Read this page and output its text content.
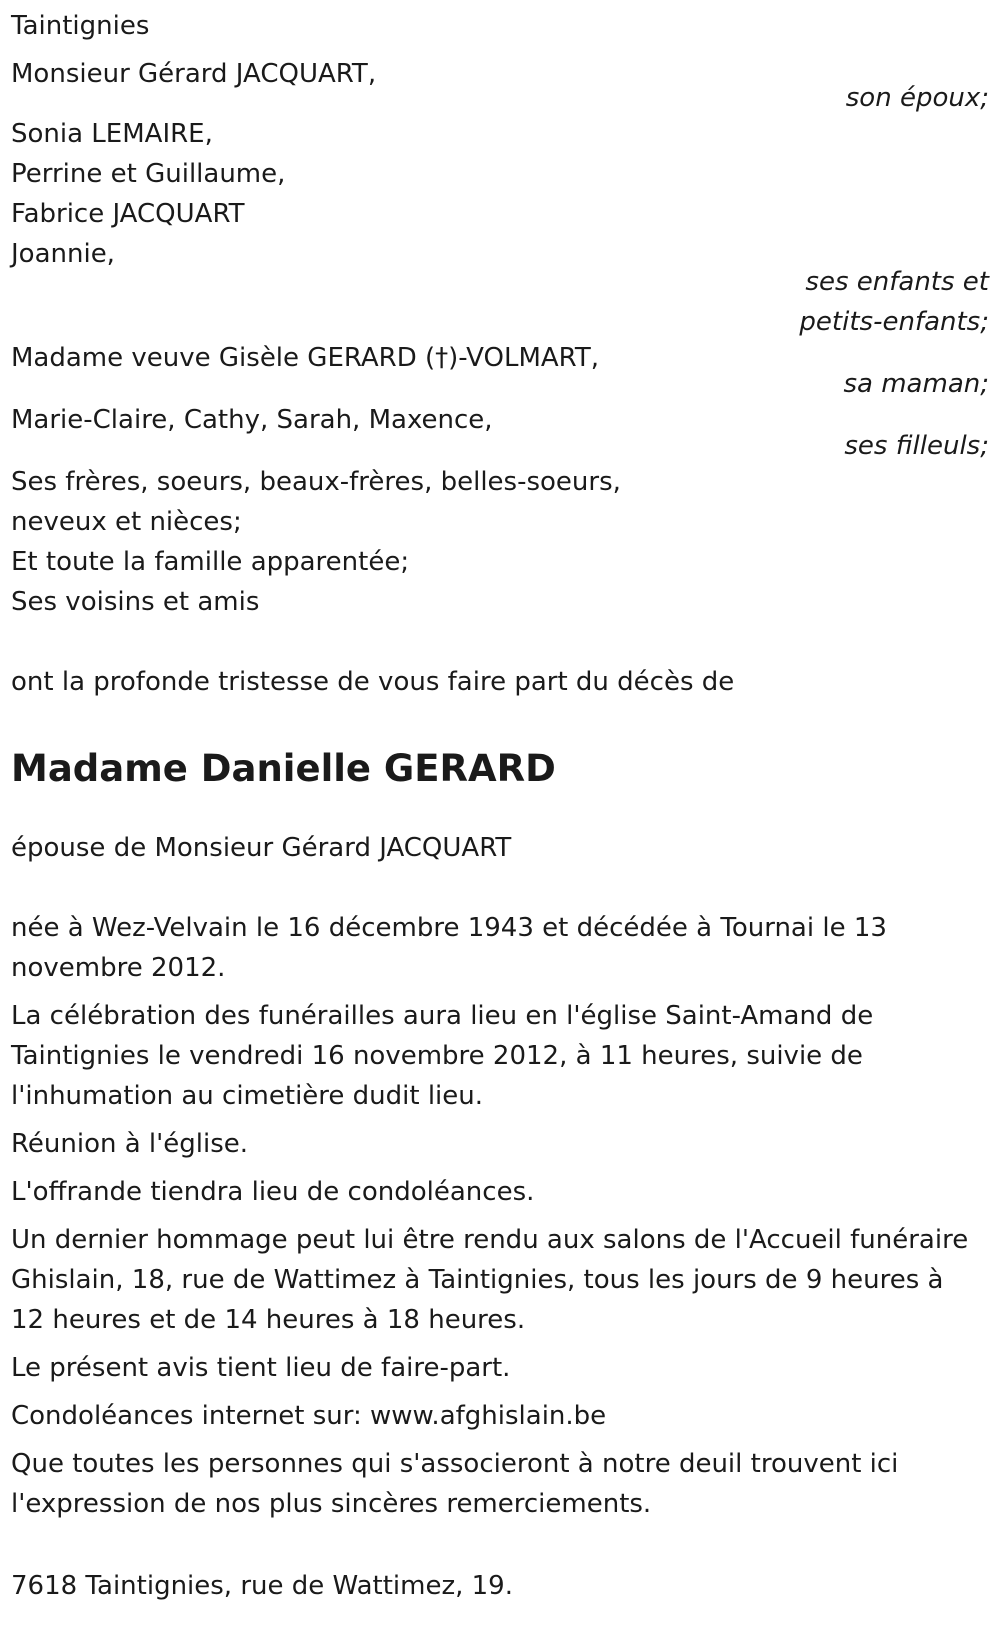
Taintignies
Monsieur Gérard JACQUART,
son époux;
Sonia LEMAIRE,
Perrine et Guillaume,
Fabrice JACQUART
Joannie,
ses enfants et
petits-enfants;
Madame veuve Gisèle GERARD (†)-VOLMART,
sa maman;
Marie-Claire, Cathy, Sarah, Maxence,
ses filleuls;
Ses frères, soeurs, beaux-frères, belles-soeurs,
neveux et nièces;
Et toute la famille apparentée;
Ses voisins et amis
ont la profonde tristesse de vous faire part du décès de
Madame Danielle GERARD
épouse de Monsieur Gérard JACQUART
née à Wez-Velvain le 16 décembre 1943 et décédée à Tournai le 13 novembre 2012.
La célébration des funérailles aura lieu en l'église Saint-Amand de Taintignies le vendredi 16 novembre 2012, à 11 heures, suivie de l'inhumation au cimetière dudit lieu.
Réunion à l'église.
L'offrande tiendra lieu de condoléances.
Un dernier hommage peut lui être rendu aux salons de l'Accueil funéraire Ghislain, 18, rue de Wattimez à Taintignies, tous les jours de 9 heures à 12 heures et de 14 heures à 18 heures.
Le présent avis tient lieu de faire-part.
Condoléances internet sur: www.afghislain.be
Que toutes les personnes qui s'associeront à notre deuil trouvent ici l'expression de nos plus sincères remerciements.
7618 Taintignies, rue de Wattimez, 19.
